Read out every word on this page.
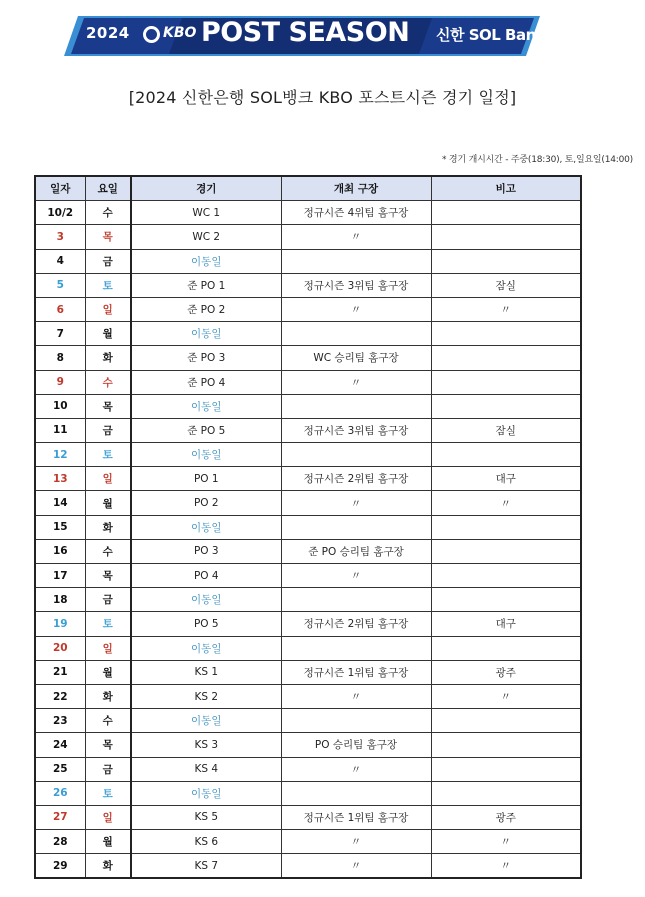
2024 KBO POST SEASON 신한 SOL Bank
[2024 신한은행 SOL뱅크 KBO 포스트시즌 경기 일정]
* 경기 개시시간 - 주중(18:30), 토,일요일(14:00)
일자	요일	경기	개최 구장	비고
10/2	수	WC 1	정규시즌 4위팀 홈구장	
3	목	WC 2	〃	
4	금	이동일		
5	토	준 PO 1	정규시즌 3위팀 홈구장	잠실
6	일	준 PO 2	〃	〃
7	월	이동일		
8	화	준 PO 3	WC 승리팀 홈구장	
9	수	준 PO 4	〃	
10	목	이동일		
11	금	준 PO 5	정규시즌 3위팀 홈구장	잠실
12	토	이동일		
13	일	PO 1	정규시즌 2위팀 홈구장	대구
14	월	PO 2	〃	〃
15	화	이동일		
16	수	PO 3	준 PO 승리팀 홈구장	
17	목	PO 4	〃	
18	금	이동일		
19	토	PO 5	정규시즌 2위팀 홈구장	대구
20	일	이동일		
21	월	KS 1	정규시즌 1위팀 홈구장	광주
22	화	KS 2	〃	〃
23	수	이동일		
24	목	KS 3	PO 승리팀 홈구장	
25	금	KS 4	〃	
26	토	이동일		
27	일	KS 5	정규시즌 1위팀 홈구장	광주
28	월	KS 6	〃	〃
29	화	KS 7	〃	〃
